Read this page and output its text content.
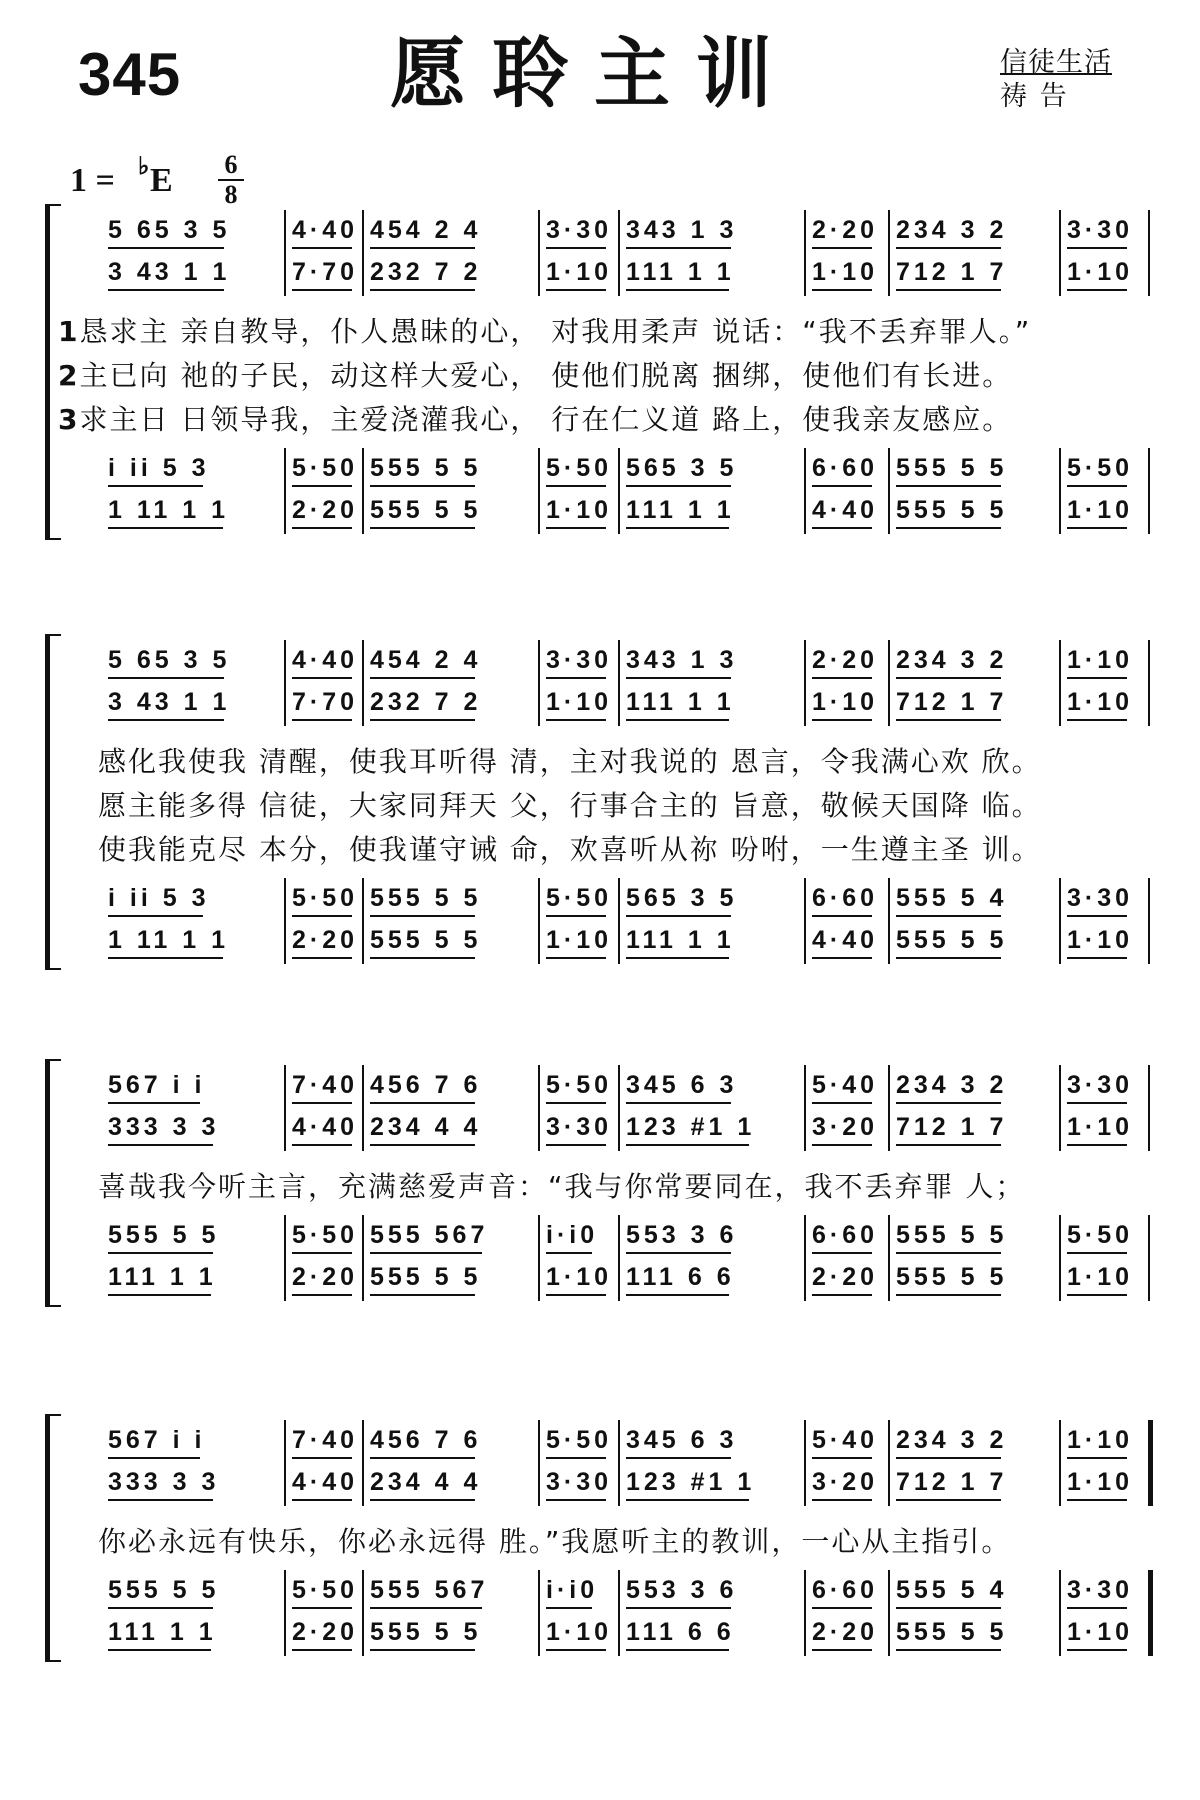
345	愿聆主训	信徒生活
祷 告
1 = ♭ E 6
8
5 65 3 5 4·40 454 2 4	3·30 343 1 3	2·20 234 3 2 3·30
3 43 1 1 7·70 232 7 2	1·10 111 1 1	1·10 712 1 7 1·10
i ii 5 3	5·50 555 5 5	5·50 565 3 5	6·60 555 5 5 5·50
1 11 1 1	2·20 555 5 5	1·10 111 1 1	4·40 555 5 5 1·10
1恳求主 亲自教导，仆人愚昧的心， 对我用柔声 说话：“我不丢弃罪人。”
2主已向 祂的子民，动这样大爱心， 使他们脱离 捆绑，使他们有长进。
3求主日 日领导我，主爱浇灌我心， 行在仁义道 路上，使我亲友感应。
5 65 3 5 4·40 454 2 4	3·30 343 1 3	2·20 234 3 2 1·10
3 43 1 1 7·70 232 7 2	1·10 111 1 1	1·10 712 1 7 1·10
i ii 5 3	5·50 555 5 5	5·50 565 3 5	6·60 555 5 4 3·30
1 11 1 1	2·20 555 5 5	1·10 111 1 1	4·40 555 5 5 1·10
感化我使我 清醒，使我耳听得 清，主对我说的 恩言，令我满心欢 欣。
愿主能多得 信徒，大家同拜天 父，行事合主的 旨意，敬候天国降 临。
使我能克尽 本分，使我谨守诫 命，欢喜听从祢 吩咐，一生遵主圣 训。
567 i i	7·40 456 7 6	5·50 345 6 3	5·40 234 3 2 3·30
333 3 3	4·40 234 4 4	3·30 123 #1 1 3·20 712 1 7 1·10
555 5 5	5·50 555 567 i·i0 553 3 6	6·60 555 5 5 5·50
111 1 1	2·20 555 5 5	1·10 111 6 6	2·20 555 5 5 1·10
喜哉我今听主言，充满慈爱声音：“我与你常要同在，我不丢弃罪 人；
567 i i	7·40 456 7 6	5·50 345 6 3	5·40 234 3 2 1·10
333 3 3	4·40 234 4 4	3·30 123 #1 1 3·20 712 1 7 1·10
555 5 5	5·50 555 567 i·i0 553 3 6	6·60 555 5 4 3·30
111 1 1	2·20 555 5 5	1·10 111 6 6	2·20 555 5 5 1·10
你必永远有快乐，你必永远得 胜。”我愿听主的教训，一心从主指引。
